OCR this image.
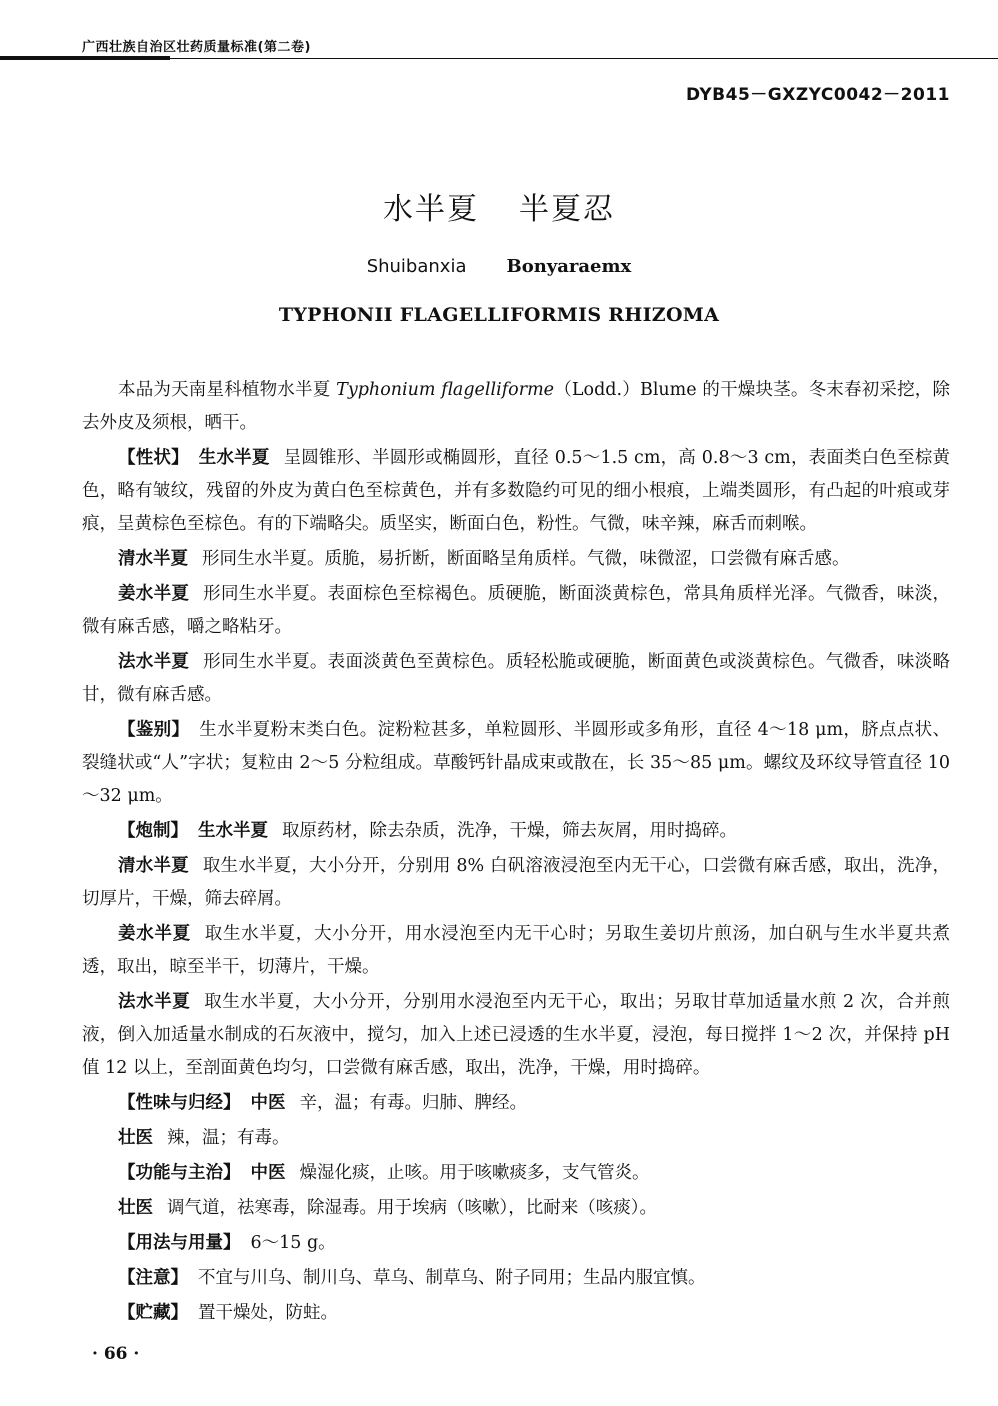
广西壮族自治区壮药质量标准(第二卷)
DYB45－GXZYC0042－2011
水半夏 半夏忍
Shuibanxia Bonyaraemx
TYPHONII FLAGELLIFORMIS RHIZOMA

本品为天南星科植物水半夏 Typhonium flagelliforme（Lodd.）Blume 的干燥块茎。冬末春初采挖，除去外皮及须根，晒干。

【性状】 生水半夏 呈圆锥形、半圆形或椭圆形，直径 0.5～1.5 cm，高 0.8～3 cm，表面类白色至棕黄色，略有皱纹，残留的外皮为黄白色至棕黄色，并有多数隐约可见的细小根痕，上端类圆形，有凸起的叶痕或芽痕，呈黄棕色至棕色。有的下端略尖。质坚实，断面白色，粉性。气微，味辛辣，麻舌而刺喉。

清水半夏 形同生水半夏。质脆，易折断，断面略呈角质样。气微，味微涩，口尝微有麻舌感。

姜水半夏 形同生水半夏。表面棕色至棕褐色。质硬脆，断面淡黄棕色，常具角质样光泽。气微香，味淡，微有麻舌感，嚼之略粘牙。

法水半夏 形同生水半夏。表面淡黄色至黄棕色。质轻松脆或硬脆，断面黄色或淡黄棕色。气微香，味淡略甘，微有麻舌感。

【鉴别】 生水半夏粉末类白色。淀粉粒甚多，单粒圆形、半圆形或多角形，直径 4～18 μm，脐点点状、裂缝状或“人”字状；复粒由 2～5 分粒组成。草酸钙针晶成束或散在，长 35～85 μm。螺纹及环纹导管直径 10～32 μm。

【炮制】 生水半夏 取原药材，除去杂质，洗净，干燥，筛去灰屑，用时捣碎。

清水半夏 取生水半夏，大小分开，分别用 8% 白矾溶液浸泡至内无干心，口尝微有麻舌感，取出，洗净，切厚片，干燥，筛去碎屑。

姜水半夏 取生水半夏，大小分开，用水浸泡至内无干心时；另取生姜切片煎汤，加白矾与生水半夏共煮透，取出，晾至半干，切薄片，干燥。

法水半夏 取生水半夏，大小分开，分别用水浸泡至内无干心，取出；另取甘草加适量水煎 2 次，合并煎液，倒入加适量水制成的石灰液中，搅匀，加入上述已浸透的生水半夏，浸泡，每日搅拌 1～2 次，并保持 pH 值 12 以上，至剖面黄色均匀，口尝微有麻舌感，取出，洗净，干燥，用时捣碎。

【性味与归经】 中医 辛，温；有毒。归肺、脾经。

壮医 辣，温；有毒。

【功能与主治】 中医 燥湿化痰，止咳。用于咳嗽痰多，支气管炎。

壮医 调气道，祛寒毒，除湿毒。用于埃病（咳嗽），比耐来（咳痰）。

【用法与用量】 6～15 g。

【注意】 不宜与川乌、制川乌、草乌、制草乌、附子同用；生品内服宜慎。

【贮藏】 置干燥处，防蛀。

· 66 ·
